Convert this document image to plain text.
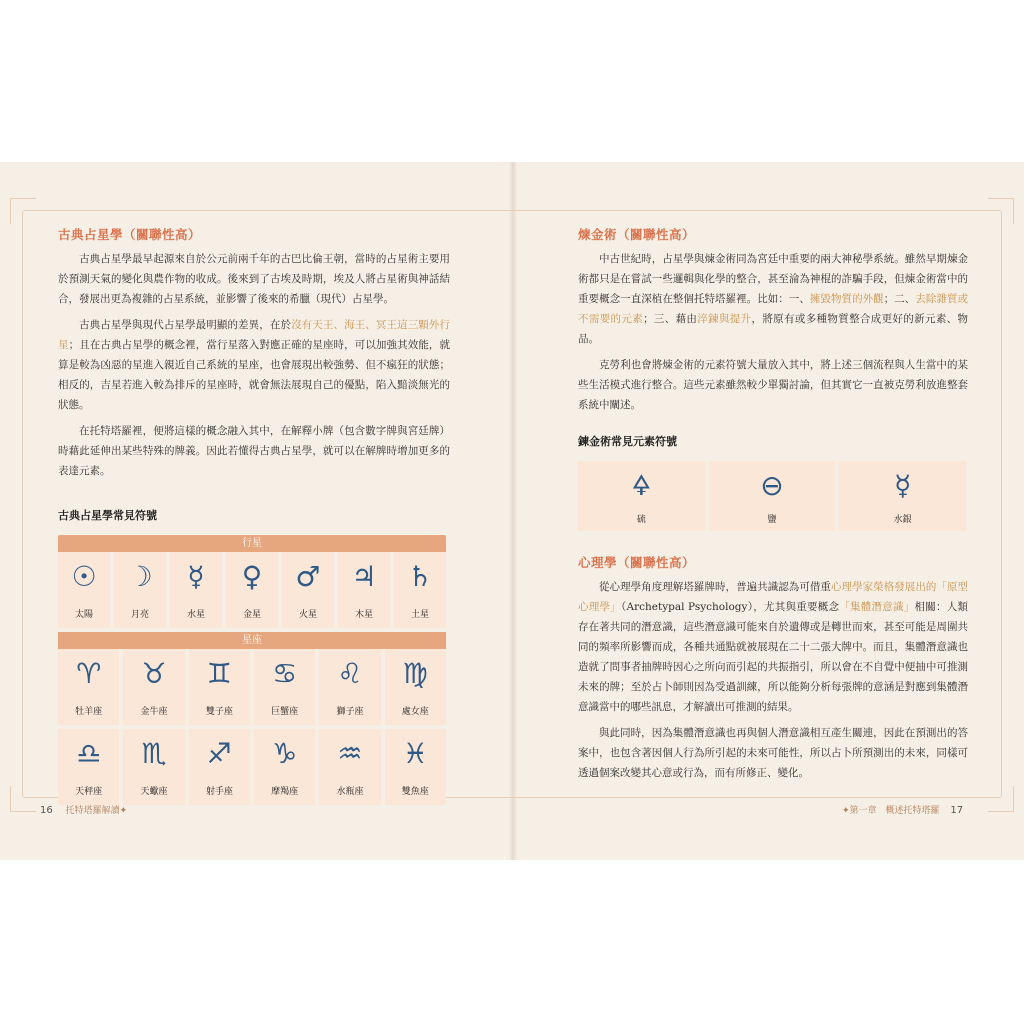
古典占星學（關聯性高）

古典占星學最早起源來自於公元前兩千年的古巴比倫王朝，當時的占星術主要用於預測天氣的變化與農作物的收成。後來到了古埃及時期，埃及人將占星術與神話結合，發展出更為複雜的占星系統，並影響了後來的希臘（現代）占星學。

古典占星學與現代占星學最明顯的差異，在於沒有天王、海王、冥王這三顆外行星；且在古典占星學的概念裡，當行星落入對應正確的星座時，可以加強其效能，就算是較為凶惡的星進入親近自己系統的星座，也會展現出較強勢、但不瘋狂的狀態；相反的，吉星若進入較為排斥的星座時，就會無法展現自己的優點，陷入黯淡無光的狀態。

在托特塔羅裡，便將這樣的概念融入其中，在解釋小牌（包含數字牌與宮廷牌）時藉此延伸出某些特殊的牌義。因此若懂得古典占星學，就可以在解牌時增加更多的表達元素。

古典占星學常見符號
行星
☉
太陽
☽
月亮
☿
水星
♀
金星
♂
火星
♃
木星
♄
土星
星座
♈
牡羊座
♉
金牛座
♊
雙子座
♋
巨蟹座
♌
獅子座
♍
處女座
♎
天秤座
♏
天蠍座
♐
射手座
♑
摩羯座
♒
水瓶座
♓
雙魚座
煉金術（關聯性高）

中古世紀時，占星學與煉金術同為宮廷中重要的兩大神秘學系統。雖然早期煉金術都只是在嘗試一些邏輯與化學的整合，甚至淪為神棍的詐騙手段，但煉金術當中的重要概念一直深植在整個托特塔羅裡。比如：一、擁毀物質的外觀；二、去除雜質或不需要的元素；三、藉由淬鍊與提升，將原有或多種物質整合成更好的新元素、物品。

克勞利也會將煉金術的元素符號大量放入其中，將上述三個流程與人生當中的某些生活模式進行整合。這些元素雖然較少單獨討論，但其實它一直被克勞利放進整套系統中闡述。

鍊金術常見元素符號
🜍
硫
⊖
鹽
☿
水銀
心理學（關聯性高）

從心理學角度理解塔羅牌時，普遍共識認為可借重心理學家榮格發展出的「原型心理學」（Archetypal Psychology），尤其與重要概念「集體潛意識」相關：人類存在著共同的潛意識，這些潛意識可能來自於遺傳或是轉世而來，甚至可能是周圍共同的頻率所影響而成，各種共通點就被展現在二十二張大牌中。而且，集體潛意識也造就了問事者抽牌時因心之所向而引起的共振指引，所以會在不自覺中便抽中可推測未來的牌；至於占卜師則因為受過訓練，所以能夠分析每張牌的意涵是對應到集體潛意識當中的哪些訊息，才解讀出可推測的結果。

與此同時，因為集體潛意識也再與個人潛意識相互產生關連，因此在預測出的答案中，也包含著因個人行為所引起的未來可能性，所以占卜所預測出的未來，同樣可透過個案改變其心意或行為，而有所修正、變化。

16 托特塔羅解讀✦	✦第一章　概述托特塔羅 17
